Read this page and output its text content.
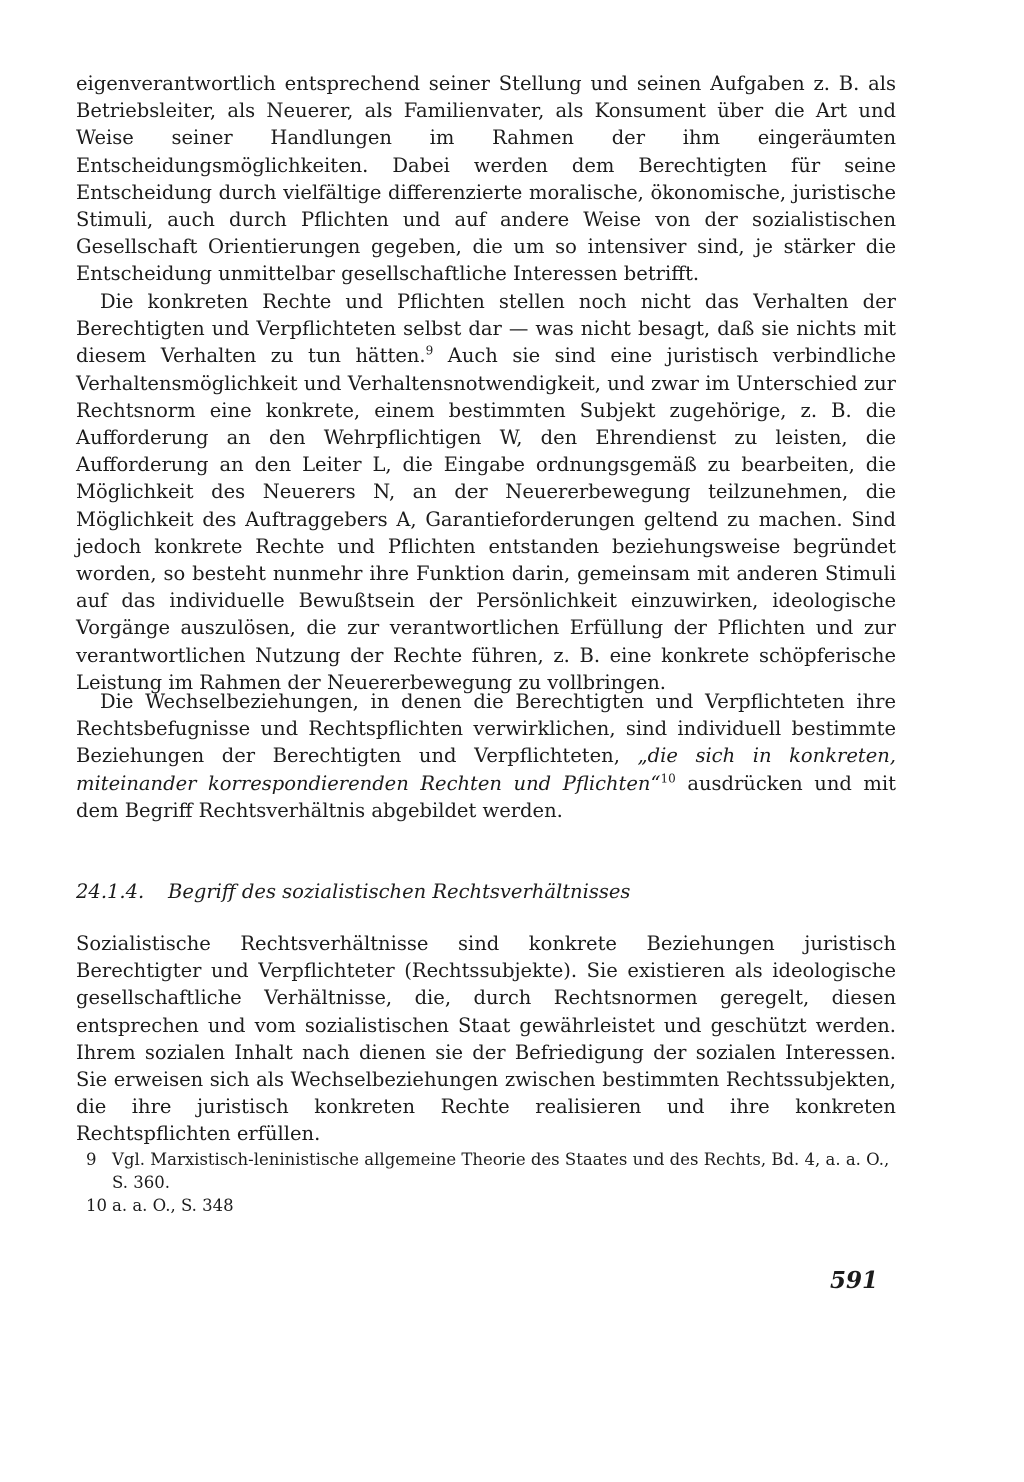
eigenverantwortlich entsprechend seiner Stellung und seinen Aufgaben z. B. als Betriebsleiter, als Neuerer, als Familienvater, als Konsument über die Art und Weise seiner Handlungen im Rahmen der ihm eingeräumten Entscheidungsmöglichkeiten. Dabei werden dem Berechtigten für seine Entscheidung durch vielfältige differenzierte moralische, ökonomische, juristische Stimuli, auch durch Pflichten und auf andere Weise von der sozialistischen Gesellschaft Orientierungen gegeben, die um so intensiver sind, je stärker die Entscheidung unmittelbar gesellschaftliche Interessen betrifft.

Die konkreten Rechte und Pflichten stellen noch nicht das Verhalten der Berechtigten und Verpflichteten selbst dar — was nicht besagt, daß sie nichts mit diesem Verhalten zu tun hätten.$^9$ Auch sie sind eine juristisch verbindliche Verhaltensmöglichkeit und Verhaltensnotwendigkeit, und zwar im Unterschied zur Rechtsnorm eine konkrete, einem bestimmten Subjekt zugehörige, z. B. die Aufforderung an den Wehrpflichtigen W, den Ehrendienst zu leisten, die Aufforderung an den Leiter L, die Eingabe ordnungsgemäß zu bearbeiten, die Möglichkeit des Neuerers N, an der Neuererbewegung teilzunehmen, die Möglichkeit des Auftraggebers A, Garantieforderungen geltend zu machen. Sind jedoch konkrete Rechte und Pflichten entstanden beziehungsweise begründet worden, so besteht nunmehr ihre Funktion darin, gemeinsam mit anderen Stimuli auf das individuelle Bewußtsein der Persönlichkeit einzuwirken, ideologische Vorgänge auszulösen, die zur verantwortlichen Erfüllung der Pflichten und zur verantwortlichen Nutzung der Rechte führen, z. B. eine konkrete schöpferische Leistung im Rahmen der Neuererbewegung zu vollbringen.

Die Wechselbeziehungen, in denen die Berechtigten und Verpflichteten ihre Rechtsbefugnisse und Rechtspflichten verwirklichen, sind individuell bestimmte Beziehungen der Berechtigten und Verpflichteten, „die sich in konkreten, miteinander korrespondierenden Rechten und Pflichten“$^{10}$ ausdrücken und mit dem Begriff Rechtsverhältnis abgebildet werden.

24.1.4. Begriff des sozialistischen Rechtsverhältnisses

Sozialistische Rechtsverhältnisse sind konkrete Beziehungen juristisch Berechtigter und Verpflichteter (Rechtssubjekte). Sie existieren als ideologische gesellschaftliche Verhältnisse, die, durch Rechtsnormen geregelt, diesen entsprechen und vom sozialistischen Staat gewährleistet und geschützt werden. Ihrem sozialen Inhalt nach dienen sie der Befriedigung der sozialen Interessen. Sie erweisen sich als Wechselbeziehungen zwischen bestimmten Rechtssubjekten, die ihre juristisch konkreten Rechte realisieren und ihre konkreten Rechtspflichten erfüllen.

9 Vgl. Marxistisch-leninistische allgemeine Theorie des Staates und des Rechts, Bd. 4, a. a. O., S. 360.
10 a. a. O., S. 348
591
